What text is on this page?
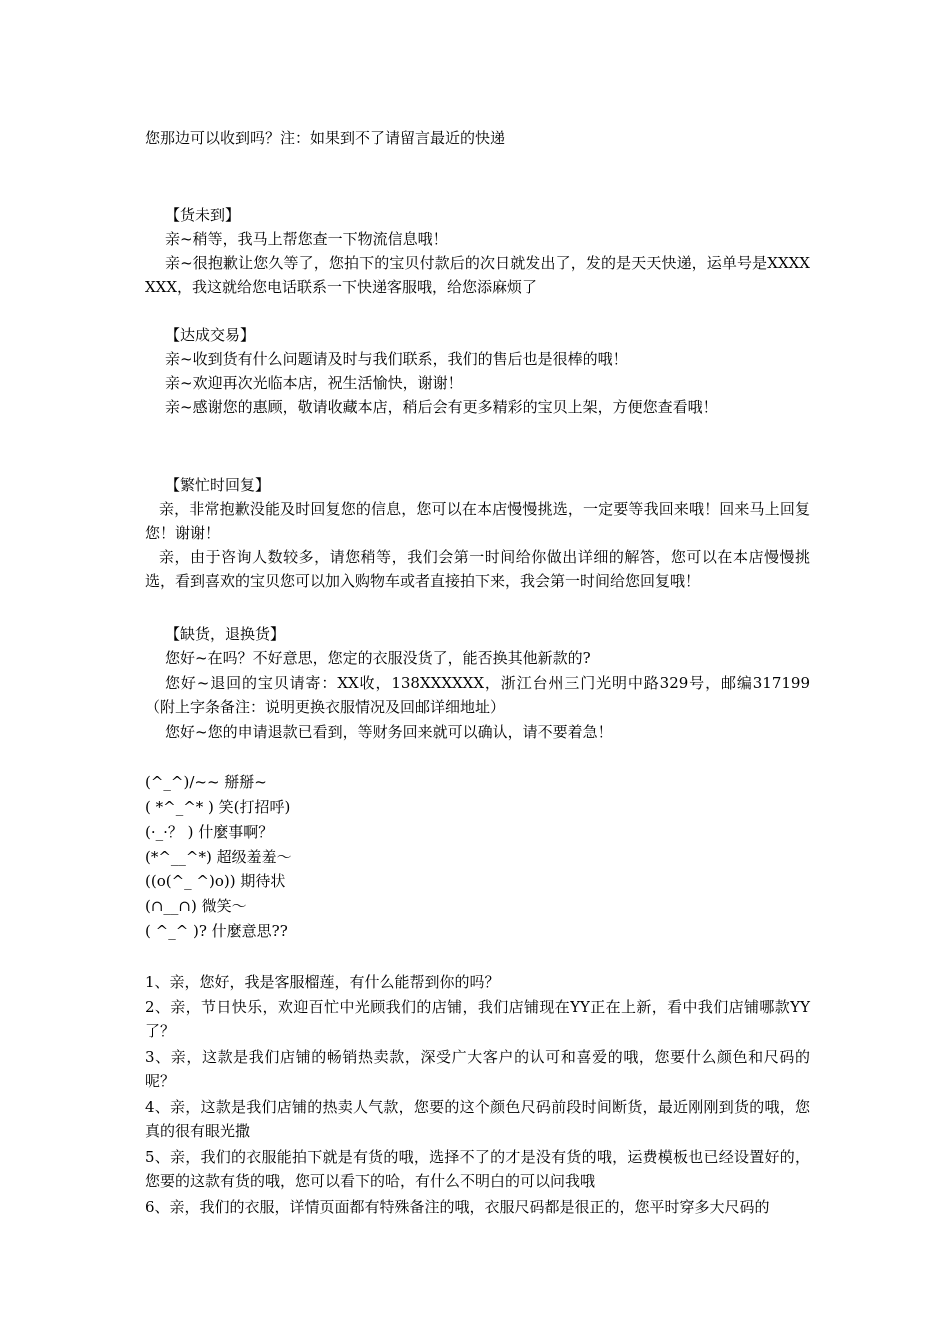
您那边可以收到吗？注：如果到不了请留言最近的快递
【货未到】
亲~稍等，我马上帮您查一下物流信息哦！
亲~很抱歉让您久等了，您拍下的宝贝付款后的次日就发出了，发的是天天快递，运单号是XXXXXXX，我这就给您电话联系一下快递客服哦，给您添麻烦了
【达成交易】
亲~收到货有什么问题请及时与我们联系，我们的售后也是很棒的哦！
亲~欢迎再次光临本店，祝生活愉快，谢谢！
亲~感谢您的惠顾，敬请收藏本店，稍后会有更多精彩的宝贝上架，方便您查看哦！
【繁忙时回复】
亲，非常抱歉没能及时回复您的信息，您可以在本店慢慢挑选，一定要等我回来哦！回来马上回复您！谢谢！
亲，由于咨询人数较多，请您稍等，我们会第一时间给你做出详细的解答，您可以在本店慢慢挑选，看到喜欢的宝贝您可以加入购物车或者直接拍下来，我会第一时间给您回复哦！
【缺货，退换货】
您好~在吗？不好意思，您定的衣服没货了，能否换其他新款的?
您好~退回的宝贝请寄：XX收，138XXXXXX，浙江台州三门光明中路329号，邮编317199（附上字条备注：说明更换衣服情况及回邮详细地址）
您好~您的申请退款已看到，等财务回来就可以确认，请不要着急！
(^_^)/~~ 掰掰~
( *^_^* ) 笑(打招呼)
(·_·？ ) 什麼事啊？
(*^__^*) 超级羞羞～
((o(^_ ^)o)) 期待状
(∩__∩) 微笑～
( ^_^ )? 什麼意思??
1、亲，您好，我是客服榴莲，有什么能帮到你的吗？
2、亲，节日快乐，欢迎百忙中光顾我们的店铺，我们店铺现在YY正在上新，看中我们店铺哪款YY了？
3、亲，这款是我们店铺的畅销热卖款，深受广大客户的认可和喜爱的哦，您要什么颜色和尺码的呢？
4、亲，这款是我们店铺的热卖人气款，您要的这个颜色尺码前段时间断货，最近刚刚到货的哦，您真的很有眼光撒
5、亲，我们的衣服能拍下就是有货的哦，选择不了的才是没有货的哦，运费模板也已经设置好的，您要的这款有货的哦，您可以看下的哈，有什么不明白的可以问我哦
6、亲，我们的衣服，详情页面都有特殊备注的哦，衣服尺码都是很正的，您平时穿多大尺码的
